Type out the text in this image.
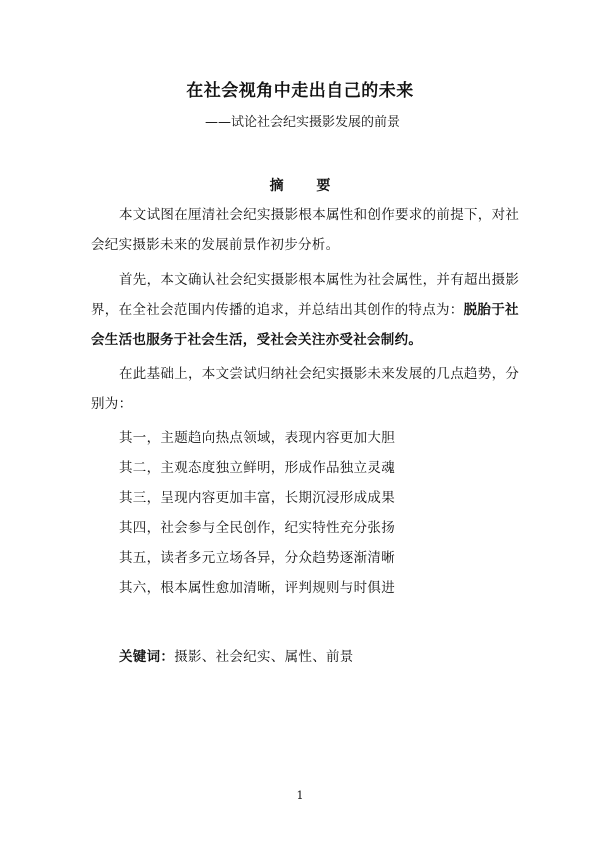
在社会视角中走出自己的未来
——试论社会纪实摄影发展的前景
摘 要

本文试图在厘清社会纪实摄影根本属性和创作要求的前提下，对社会纪实摄影未来的发展前景作初步分析。

首先，本文确认社会纪实摄影根本属性为社会属性，并有超出摄影界，在全社会范围内传播的追求，并总结出其创作的特点为：脱胎于社会生活也服务于社会生活，受社会关注亦受社会制约。

在此基础上，本文尝试归纳社会纪实摄影未来发展的几点趋势，分别为：

其一，主题趋向热点领域，表现内容更加大胆
其二，主观态度独立鲜明，形成作品独立灵魂
其三，呈现内容更加丰富，长期沉浸形成成果
其四，社会参与全民创作，纪实特性充分张扬
其五，读者多元立场各异，分众趋势逐渐清晰
其六，根本属性愈加清晰，评判规则与时俱进
关键词：摄影、社会纪实、属性、前景
1
